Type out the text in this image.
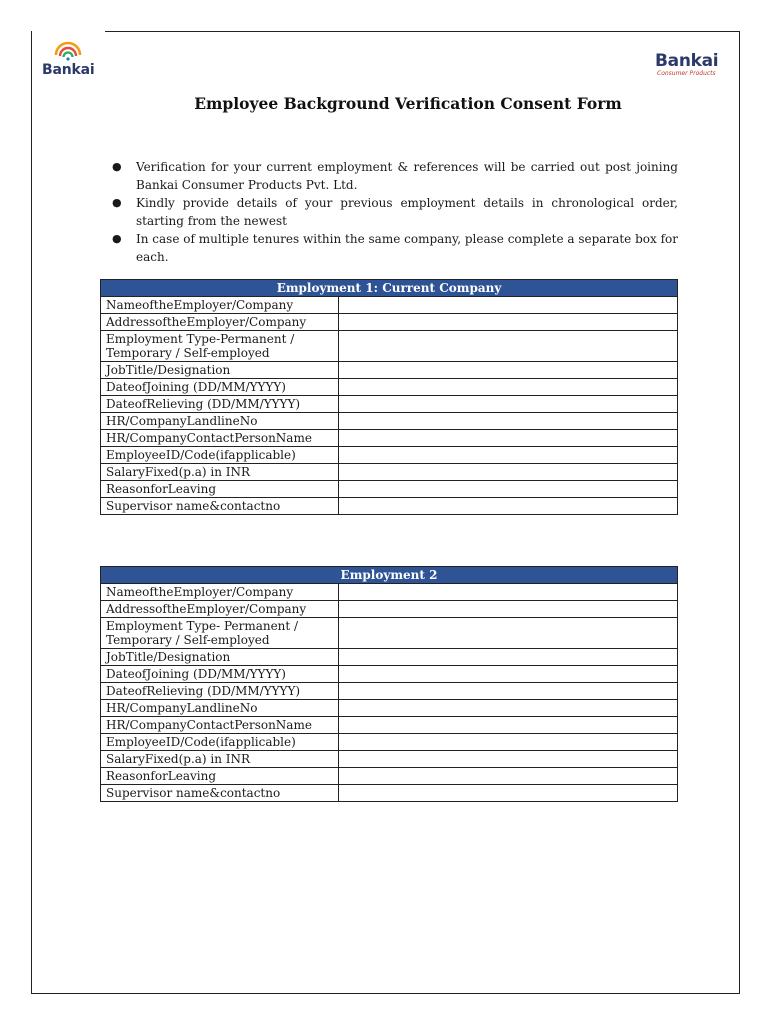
Bankai	Bankai
Consumer Products
Employee Background Verification Consent Form
● Verification for your current employment & references will be carried out post joining Bankai Consumer Products Pvt. Ltd.
● Kindly provide details of your previous employment details in chronological order, starting from the newest
● In case of multiple tenures within the same company, please complete a separate box for each.
Employment 1: Current Company	
NameoftheEmployer/Company	
AddressoftheEmployer/Company	
Employment Type-Permanent / Temporary / Self-employed	
JobTitle/Designation	
DateofJoining (DD/MM/YYYY)	
DateofRelieving (DD/MM/YYYY)	
HR/CompanyLandlineNo	
HR/CompanyContactPersonName	
EmployeeID/Code(ifapplicable)	
SalaryFixed(p.a) in INR	
ReasonforLeaving	
Supervisor name&contactno	
Employment 2	
NameoftheEmployer/Company	
AddressoftheEmployer/Company	
Employment Type- Permanent / Temporary / Self-employed	
JobTitle/Designation	
DateofJoining (DD/MM/YYYY)	
DateofRelieving (DD/MM/YYYY)	
HR/CompanyLandlineNo	
HR/CompanyContactPersonName	
EmployeeID/Code(ifapplicable)	
SalaryFixed(p.a) in INR	
ReasonforLeaving	
Supervisor name&contactno	
